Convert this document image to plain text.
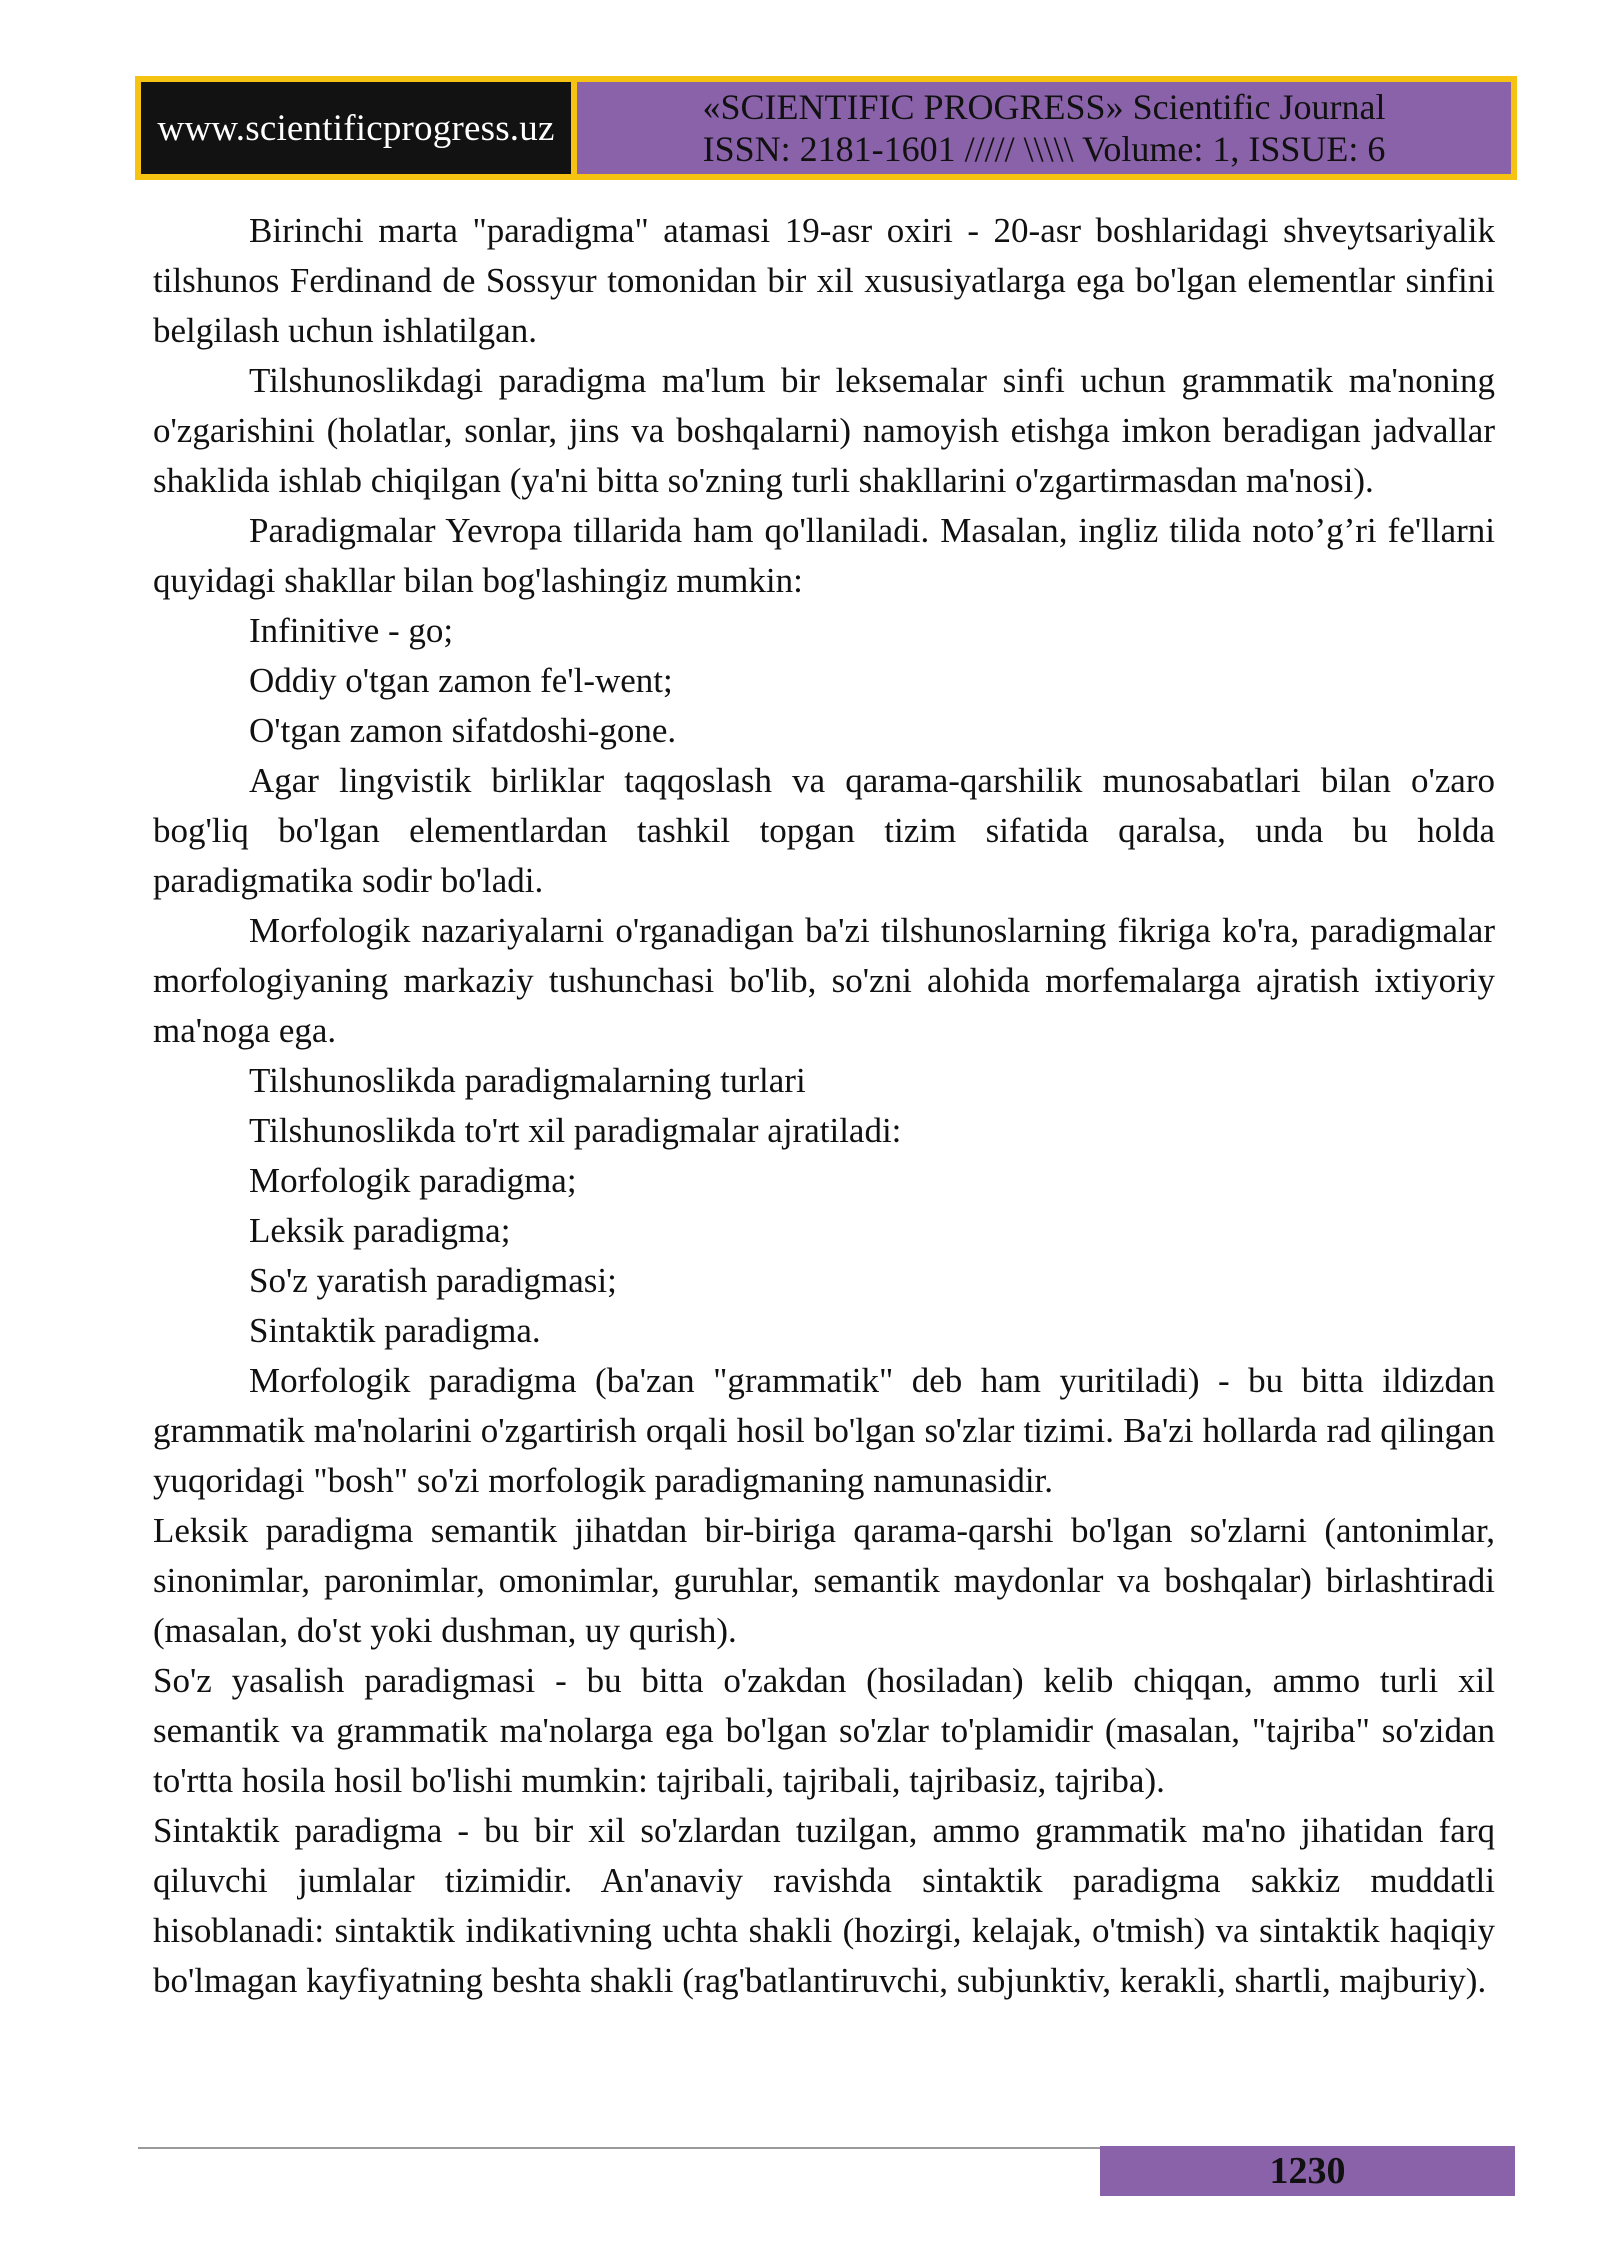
www.scientificprogress.uz
«SCIENTIFIC PROGRESS» Scientific Journal
ISSN: 2181-1601 ///// \\\\\ Volume: 1, ISSUE: 6

Birinchi marta "paradigma" atamasi 19-asr oxiri - 20-asr boshlaridagi shveytsariyalik tilshunos Ferdinand de Sossyur tomonidan bir xil xususiyatlarga ega bo'lgan elementlar sinfini belgilash uchun ishlatilgan.

Tilshunoslikdagi paradigma ma'lum bir leksemalar sinfi uchun grammatik ma'noning o'zgarishini (holatlar, sonlar, jins va boshqalarni) namoyish etishga imkon beradigan jadvallar shaklida ishlab chiqilgan (ya'ni bitta so'zning turli shakllarini o'zgartirmasdan ma'nosi).

Paradigmalar Yevropa tillarida ham qo'llaniladi. Masalan, ingliz tilida noto’g’ri fe'llarni quyidagi shakllar bilan bog'lashingiz mumkin:

Infinitive - go;

Oddiy o'tgan zamon fe'l-went;

O'tgan zamon sifatdoshi-gone.

Agar lingvistik birliklar taqqoslash va qarama-qarshilik munosabatlari bilan o'zaro bog'liq bo'lgan elementlardan tashkil topgan tizim sifatida qaralsa, unda bu holda paradigmatika sodir bo'ladi.

Morfologik nazariyalarni o'rganadigan ba'zi tilshunoslarning fikriga ko'ra, paradigmalar morfologiyaning markaziy tushunchasi bo'lib, so'zni alohida morfemalarga ajratish ixtiyoriy ma'noga ega.

Tilshunoslikda paradigmalarning turlari

Tilshunoslikda to'rt xil paradigmalar ajratiladi:

Morfologik paradigma;

Leksik paradigma;

So'z yaratish paradigmasi;

Sintaktik paradigma.

Morfologik paradigma (ba'zan "grammatik" deb ham yuritiladi) - bu bitta ildizdan grammatik ma'nolarini o'zgartirish orqali hosil bo'lgan so'zlar tizimi. Ba'zi hollarda rad qilingan yuqoridagi "bosh" so'zi morfologik paradigmaning namunasidir.

Leksik paradigma semantik jihatdan bir-biriga qarama-qarshi bo'lgan so'zlarni (antonimlar, sinonimlar, paronimlar, omonimlar, guruhlar, semantik maydonlar va boshqalar) birlashtiradi (masalan, do'st yoki dushman, uy qurish).

So'z yasalish paradigmasi - bu bitta o'zakdan (hosiladan) kelib chiqqan, ammo turli xil semantik va grammatik ma'nolarga ega bo'lgan so'zlar to'plamidir (masalan, "tajriba" so'zidan to'rtta hosila hosil bo'lishi mumkin: tajribali, tajribali, tajribasiz, tajriba).

Sintaktik paradigma - bu bir xil so'zlardan tuzilgan, ammo grammatik ma'no jihatidan farq qiluvchi jumlalar tizimidir. An'anaviy ravishda sintaktik paradigma sakkiz muddatli hisoblanadi: sintaktik indikativning uchta shakli (hozirgi, kelajak, o'tmish) va sintaktik haqiqiy bo'lmagan kayfiyatning beshta shakli (rag'batlantiruvchi, subjunktiv, kerakli, shartli, majburiy).

1230
